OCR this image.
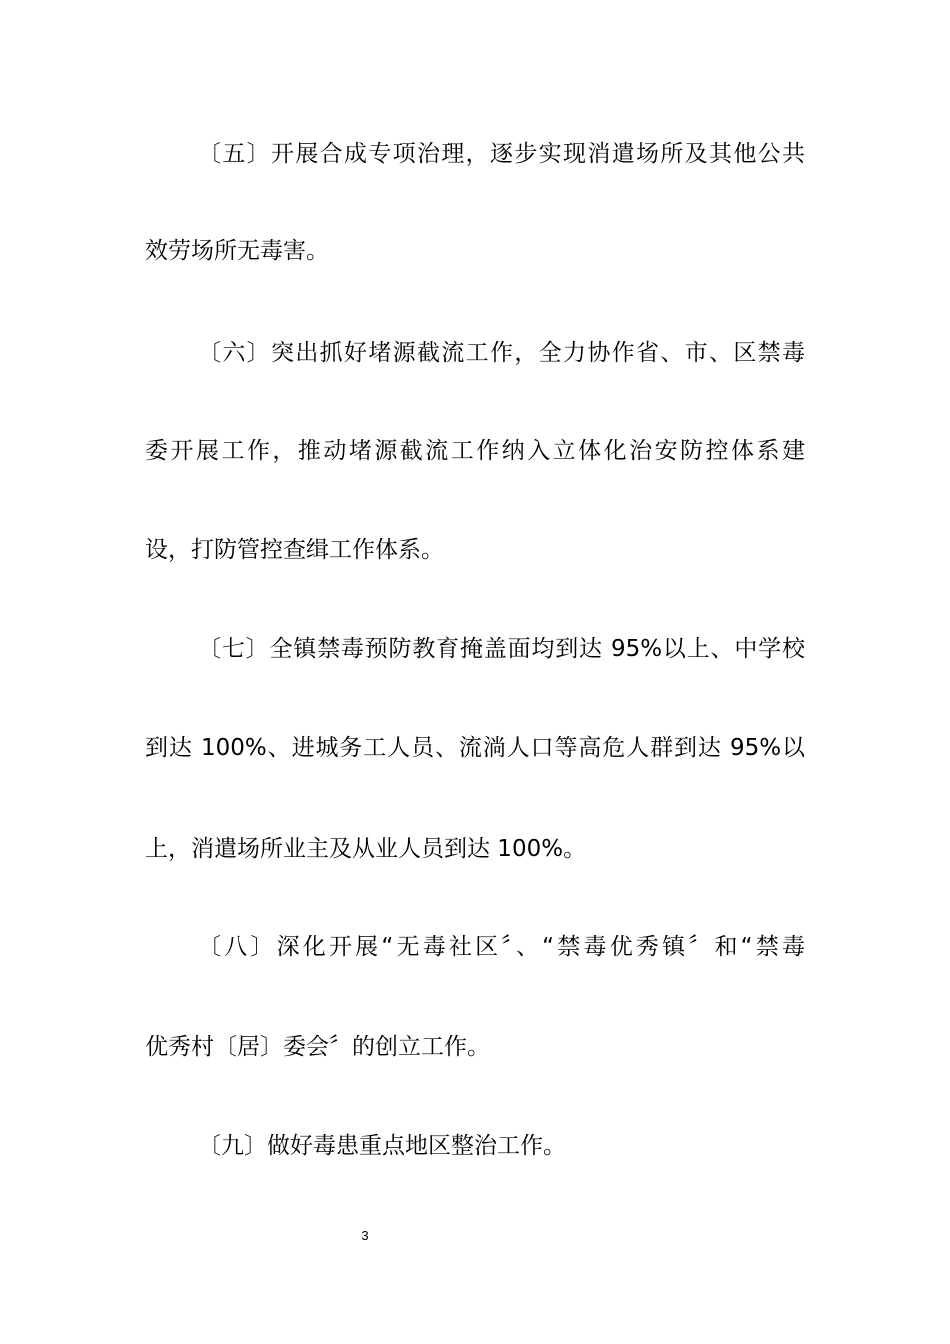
〔五〕开展合成专项治理，逐步实现消遣场所及其他公共
效劳场所无毒害。
〔六〕突出抓好堵源截流工作，全力协作省、市、区禁毒
委开展工作，推动堵源截流工作纳入立体化治安防控体系建
设，打防管控查缉工作体系。
〔七〕全镇禁毒预防教育掩盖面均到达 95%以上、中学校
到达 100%、进城务工人员、流淌人口等高危人群到达 95%以
上，消遣场所业主及从业人员到达 100%。
〔八〕深化开展“无毒社区〞、“禁毒优秀镇〞和“禁毒
优秀村〔居〕委会〞的创立工作。
〔九〕做好毒患重点地区整治工作。
3
